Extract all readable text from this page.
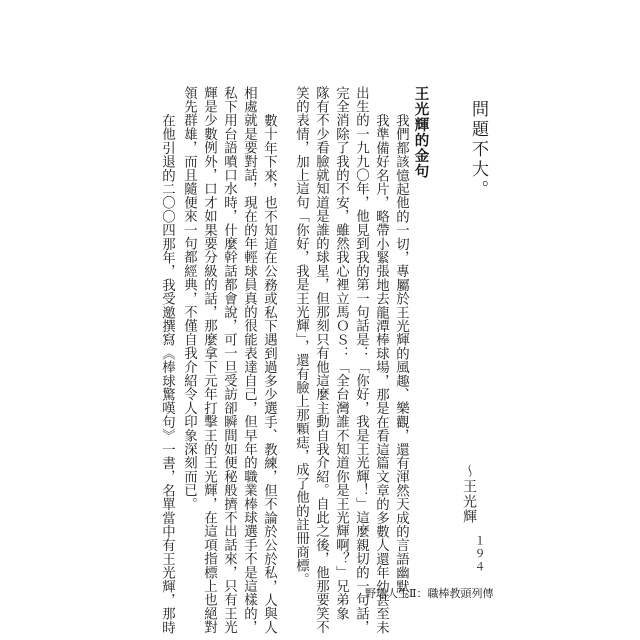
問題不大。
～王光輝
王光輝的金句
　我們都該憶起他的一切，專屬於王光輝的風趣、樂觀，還有渾然天成的言語幽默。
　我準備好名片，略帶小緊張地去龍潭棒球場，那是在看這篇文章的多數人還年幼甚至未
出生的一九九〇年，他見到我的第一句話是：「你好，我是王光輝！」這麼親切的一句話，
完全消除了我的不安，雖然我心裡立馬ＯＳ：「全台灣誰不知道你是王光輝啊？」兄弟象
隊有不少看臉就知道是誰的球星，但那刻只有他這麼主動自我介紹。自此之後，他那要笑不
笑的表情，加上這句「你好，我是王光輝」，還有臉上那顆痣，成了他的註冊商標。
　數十年下來，也不知道在公務或私下遇到過多少選手、教練，但不論於公於私，人與人
相處就是要對話，現在的年輕球員真的很能表達自己，但早年的職業棒球選手不是這樣的，
私下用台語噴口水時，什麼幹話都會說，可一旦受訪卻瞬間如便秘般擠不出話來，只有王光
輝是少數例外，口才如果要分級的話，那麼拿下元年打擊王的王光輝，在這項指標上也絕對
領先群雄，而且隨便來一句都經典，不僅自我介紹令人印象深刻而已。
　在他引退的二〇〇四那年，我受邀撰寫《棒球驚嘆句》一書，名單當中有王光輝，那時	１９４
野球人生Ⅱ：職棒教頭列傳
